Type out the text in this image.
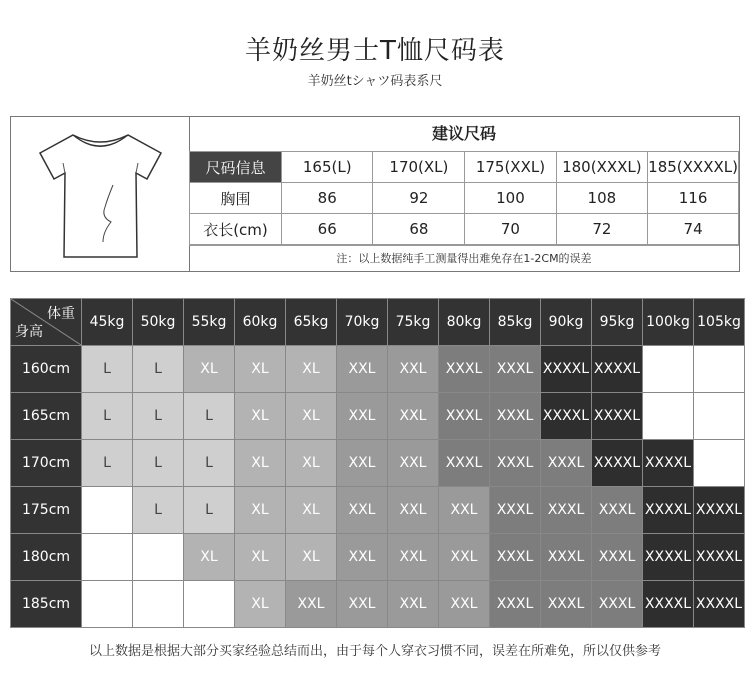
羊奶丝男士T恤尺码表
羊奶丝tシャツ码表系尺
建议尺码
尺码信息	165(L)	170(XL)	175(XXL)	180(XXXL)	185(XXXXL)
胸围	86	92	100	108	116
衣长(cm)	66	68	70	72	74
注：以上数据纯手工测量得出难免存在1-2CM的误差
体重
身高	45kg	50kg	55kg	60kg	65kg	70kg	75kg	80kg	85kg	90kg	95kg	100kg	105kg
160cm	L	L	XL	XL	XL	XXL	XXL	XXXL	XXXL	XXXXL	XXXXL		
165cm	L	L	L	XL	XL	XXL	XXL	XXXL	XXXL	XXXXL	XXXXL		
170cm	L	L	L	XL	XL	XXL	XXL	XXXL	XXXL	XXXL	XXXXL	XXXXL	
175cm		L	L	XL	XL	XXL	XXL	XXL	XXXL	XXXL	XXXL	XXXXL	XXXXL
180cm			XL	XL	XL	XXL	XXL	XXL	XXXL	XXXL	XXXL	XXXXL	XXXXL
185cm				XL	XXL	XXL	XXL	XXL	XXXL	XXXL	XXXL	XXXXL	XXXXL
以上数据是根据大部分买家经验总结而出，由于每个人穿衣习惯不同，误差在所难免，所以仅供参考
